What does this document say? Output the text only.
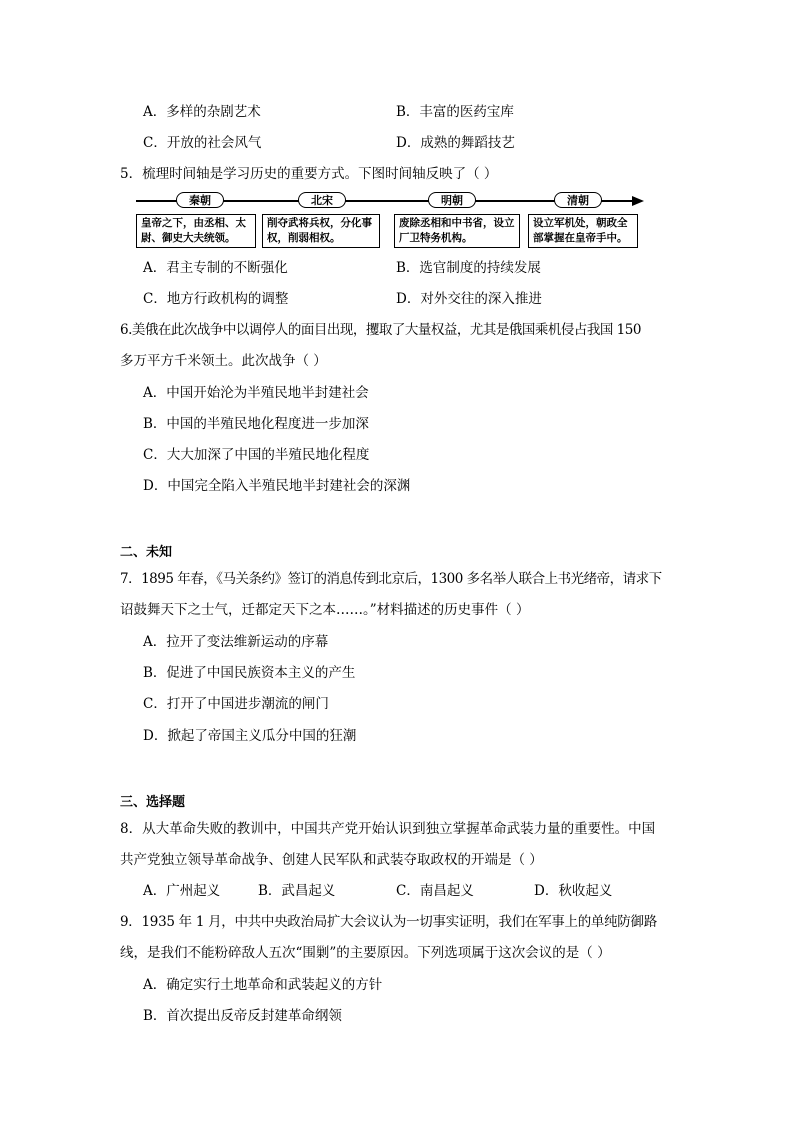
A．多样的杂剧艺术	B．丰富的医药宝库
C．开放的社会风气	D．成熟的舞蹈技艺
5．梳理时间轴是学习历史的重要方式。下图时间轴反映了（ ）
秦朝	北宋	明朝	清朝
皇帝之下，由丞相、太尉、御史大夫统领。
削夺武将兵权，分化事权，削弱相权。
废除丞相和中书省，设立厂卫特务机构。
设立军机处，朝政全部掌握在皇帝手中。
A．君主专制的不断强化	B．选官制度的持续发展
C．地方行政机构的调整	D．对外交往的深入推进
6.美俄在此次战争中以调停人的面目出现，攫取了大量权益，尤其是俄国乘机侵占我国 150
多万平方千米领土。此次战争（ ）
A．中国开始沦为半殖民地半封建社会
B．中国的半殖民地化程度进一步加深
C．大大加深了中国的半殖民地化程度
D．中国完全陷入半殖民地半封建社会的深渊
二、未知
7．1895 年春，《马关条约》签订的消息传到北京后，1300 多名举人联合上书光绪帝，请求下
诏鼓舞天下之士气，迁都定天下之本……。”材料描述的历史事件（ ）
A．拉开了变法维新运动的序幕
B．促进了中国民族资本主义的产生
C．打开了中国进步潮流的闸门
D．掀起了帝国主义瓜分中国的狂潮
三、选择题
8．从大革命失败的教训中，中国共产党开始认识到独立掌握革命武装力量的重要性。中国
共产党独立领导革命战争、创建人民军队和武装夺取政权的开端是（ ）
A．广州起义	B．武昌起义	C．南昌起义	D．秋收起义
9．1935 年 1 月，中共中央政治局扩大会议认为一切事实证明，我们在军事上的单纯防御路
线，是我们不能粉碎敌人五次“围剿”的主要原因。下列选项属于这次会议的是（ ）
A．确定实行土地革命和武装起义的方针
B．首次提出反帝反封建革命纲领
